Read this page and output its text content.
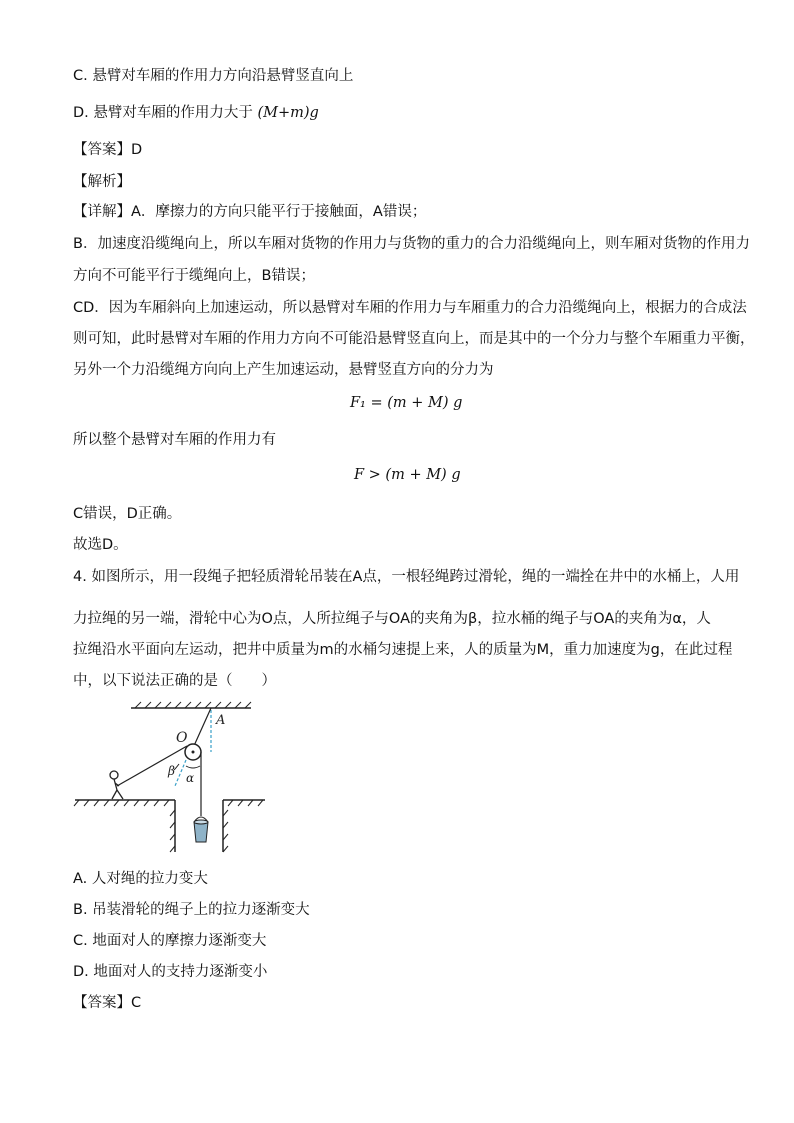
C. 悬臂对车厢的作用力方向沿悬臂竖直向上
D. 悬臂对车厢的作用力大于 (M+m)g
【答案】D
【解析】
【详解】A．摩擦力的方向只能平行于接触面，A错误；
B．加速度沿缆绳向上，所以车厢对货物的作用力与货物的重力的合力沿缆绳向上，则车厢对货物的作用力
方向不可能平行于缆绳向上，B错误；
CD．因为车厢斜向上加速运动，所以悬臂对车厢的作用力与车厢重力的合力沿缆绳向上，根据力的合成法
则可知，此时悬臂对车厢的作用力方向不可能沿悬臂竖直向上，而是其中的一个分力与整个车厢重力平衡，
另外一个力沿缆绳方向向上产生加速运动，悬臂竖直方向的分力为
F₁ = (m + M) g
所以整个悬臂对车厢的作用力有
F > (m + M) g
C错误，D正确。
故选D。
4. 如图所示，用一段绳子把轻质滑轮吊装在A点，一根轻绳跨过滑轮，绳的一端拴在井中的水桶上，人用
力拉绳的另一端，滑轮中心为O点，人所拉绳子与OA的夹角为β，拉水桶的绳子与OA的夹角为α，人
拉绳沿水平面向左运动，把井中质量为m的水桶匀速提上来，人的质量为M，重力加速度为g，在此过程
中，以下说法正确的是（　　）
A
O
β α
A. 人对绳的拉力变大
B. 吊装滑轮的绳子上的拉力逐渐变大
C. 地面对人的摩擦力逐渐变大
D. 地面对人的支持力逐渐变小
【答案】C
